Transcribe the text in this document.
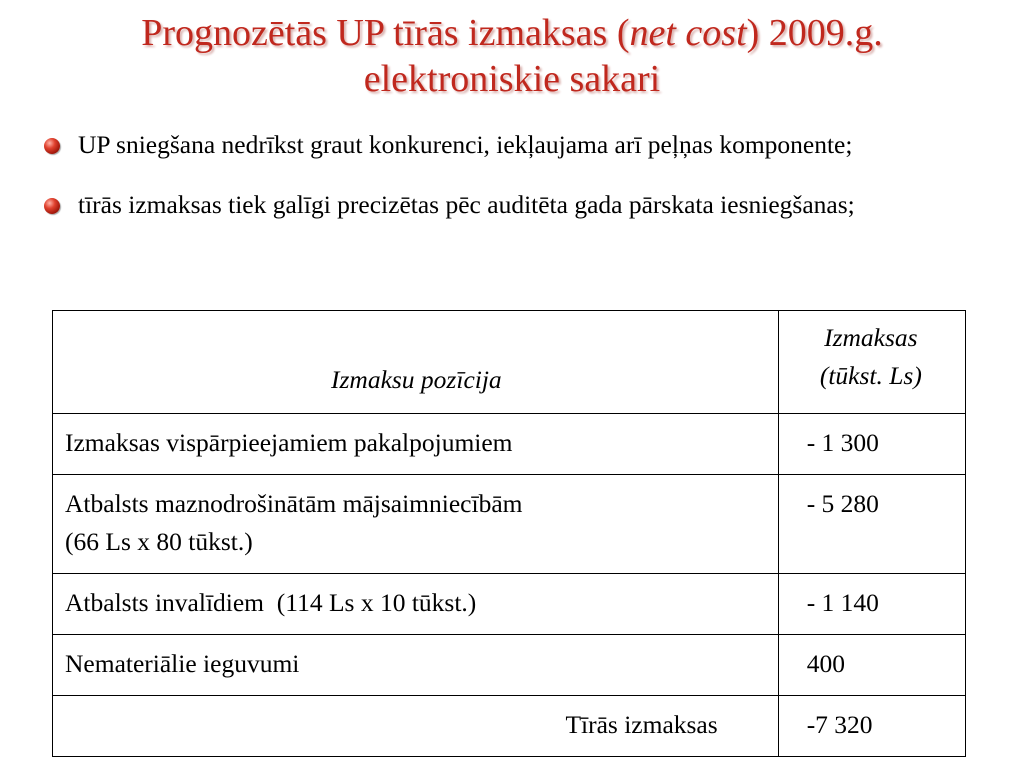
Prognozētās UP tīrās izmaksas (net cost) 2009.g.
elektroniskie sakari
UP sniegšana nedrīkst graut konkurenci, iekļaujama arī peļņas komponente;
tīrās izmaksas tiek galīgi precizētas pēc auditēta gada pārskata iesniegšanas;
Izmaksu pozīcija	Izmaksas
(tūkst. Ls)
Izmaksas vispārpieejamiem pakalpojumiem	- 1 300
Atbalsts maznodrošinātām mājsaimniecībām
(66 Ls x 80 tūkst.)	- 5 280
Atbalsts invalīdiem  (114 Ls x 10 tūkst.)	- 1 140
Nemateriālie ieguvumi	400
Tīrās izmaksas	-7 320
